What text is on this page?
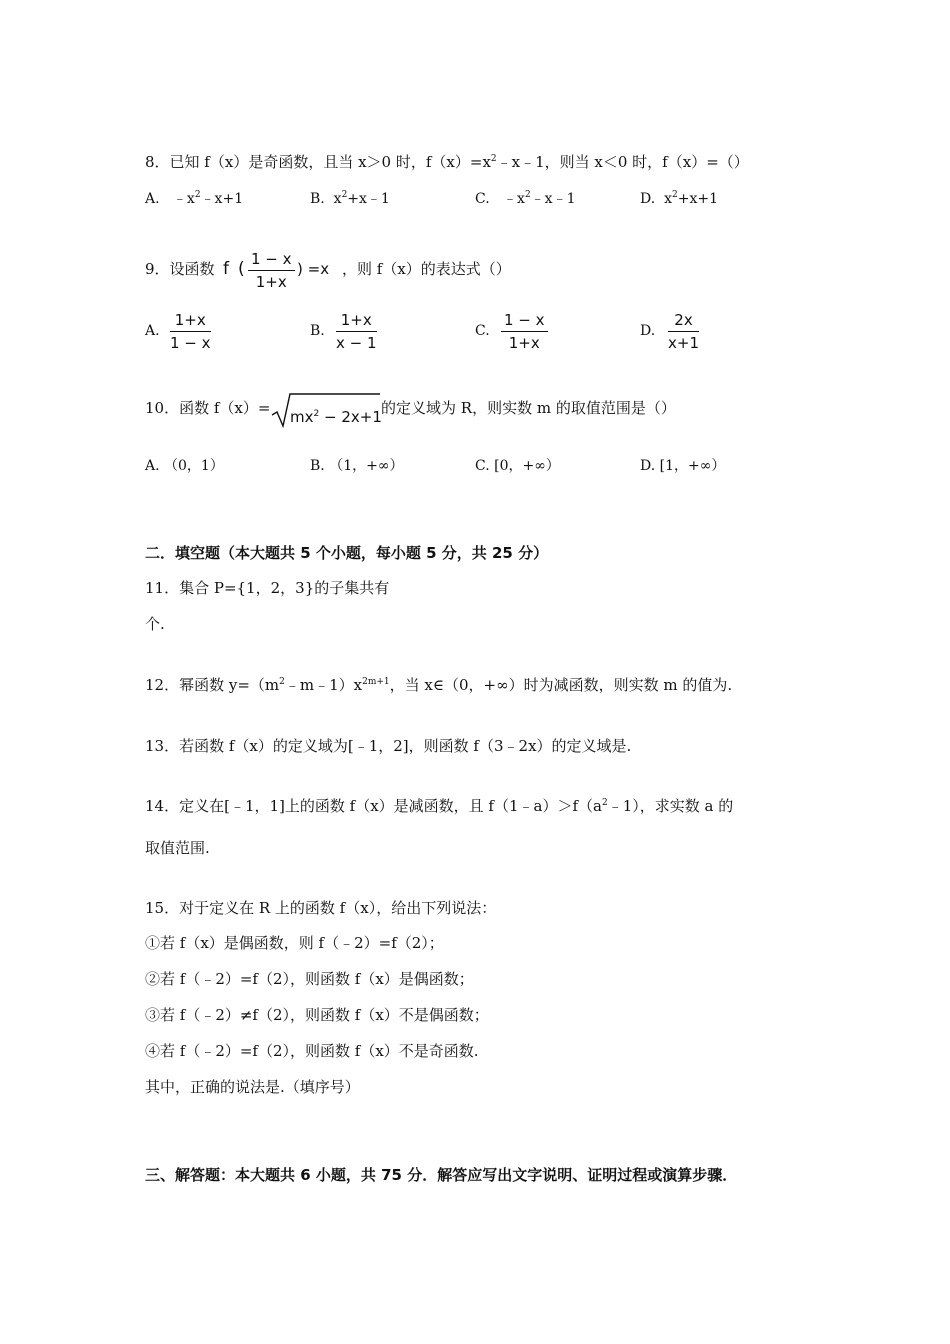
8．已知 f（x）是奇函数，且当 x＞0 时，$f(x)=x^2﹣x﹣1$，则当 x＜0 时，f（x）=（）
A. $﹣x^2﹣x+1$	B. $x^2+x﹣1$	C. $﹣x^2﹣x﹣1$	D. $x^2+x+1$
9．设函数 f ( $\frac{1 - x}{1+x}$ ) =x ，则 f（x）的表达式（）
A. $\frac{1+x}{1 - x}$	B. $\frac{1+x}{x - 1}$	C. $\frac{1 - x}{1+x}$	D. $\frac{2x}{x+1}$
10．函数 $f(x)= mx^2 - 2x+1$ 的定义域为 R，则实数 m 的取值范围是（）
A. （0，1）	B. （1，+∞）	C. [0，+∞）	D. [1，+∞）
二．填空题（本大题共 5 个小题，每小题 5 分，共 25 分）
11．集合 P={1，2，3}的子集共有
个.
12．幂函数 $y=(m^2﹣m﹣1)x^{2m+1}$，当 x∈（0，+∞）时为减函数，则实数 m 的值为.
13．若函数 f（x）的定义域为[﹣1，2]，则函数 f（3﹣2x）的定义域是.
14．定义在[﹣1，1]上的函数 f（x）是减函数，且 $f(1﹣a)>f(a^2﹣1)$，求实数 a 的
取值范围.
15．对于定义在 R 上的函数 f（x），给出下列说法：
①若 f（x）是偶函数，则 f（﹣2）=f（2）；
②若 f（﹣2）=f（2），则函数 f（x）是偶函数；
③若 f（﹣2）≠f（2），则函数 f（x）不是偶函数；
④若 f（﹣2）=f（2），则函数 f（x）不是奇函数.
其中，正确的说法是.（填序号）
三、解答题：本大题共 6 小题，共 75 分．解答应写出文字说明、证明过程或演算步骤．
